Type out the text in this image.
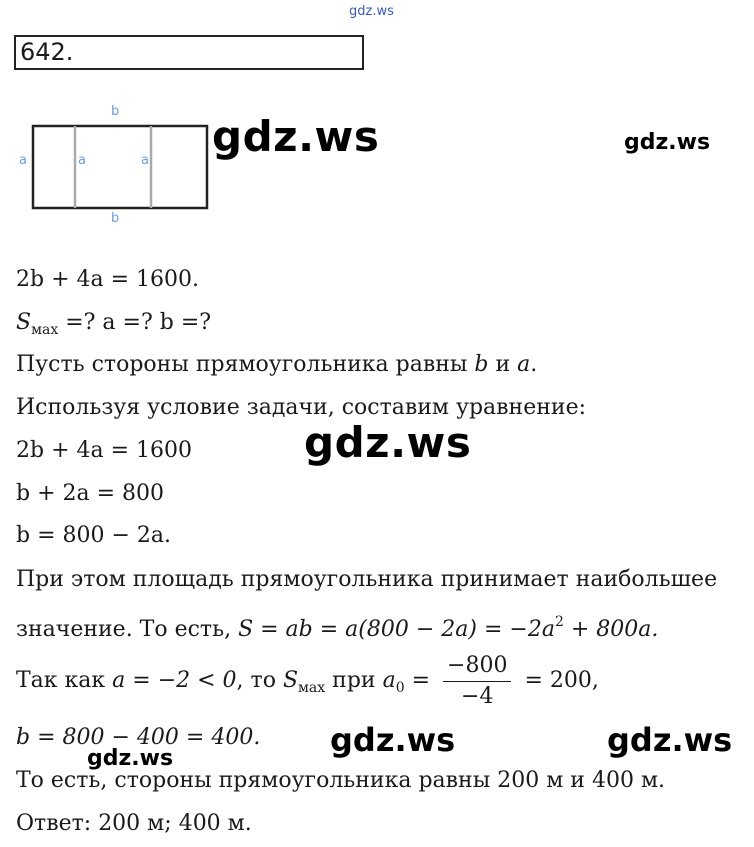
gdz.ws
gdz.ws	gdz.ws
gdz.ws
gdz.ws	gdz.ws	gdz.ws
642.
b
b
a	a	a
2b + 4a = 1600.
$S_{мах}$ =? a =? b =?
Пусть стороны прямоугольника равны b и a.
Используя условие задачи, составим уравнение:
2b + 4a = 1600
b + 2a = 800
b = 800 − 2a.
При этом площадь прямоугольника принимает наибольшее
значение. То есть, S = ab = $a(800 - 2a) = -2a^2 + 800a$.
Так как a = −2 < 0, то $S_{мах}$ при $a_0 = \frac{-800}{-4} = 200$,
b = 800 − 400 = 400.
То есть, стороны прямоугольника равны 200 м и 400 м.
Ответ: 200 м; 400 м.
